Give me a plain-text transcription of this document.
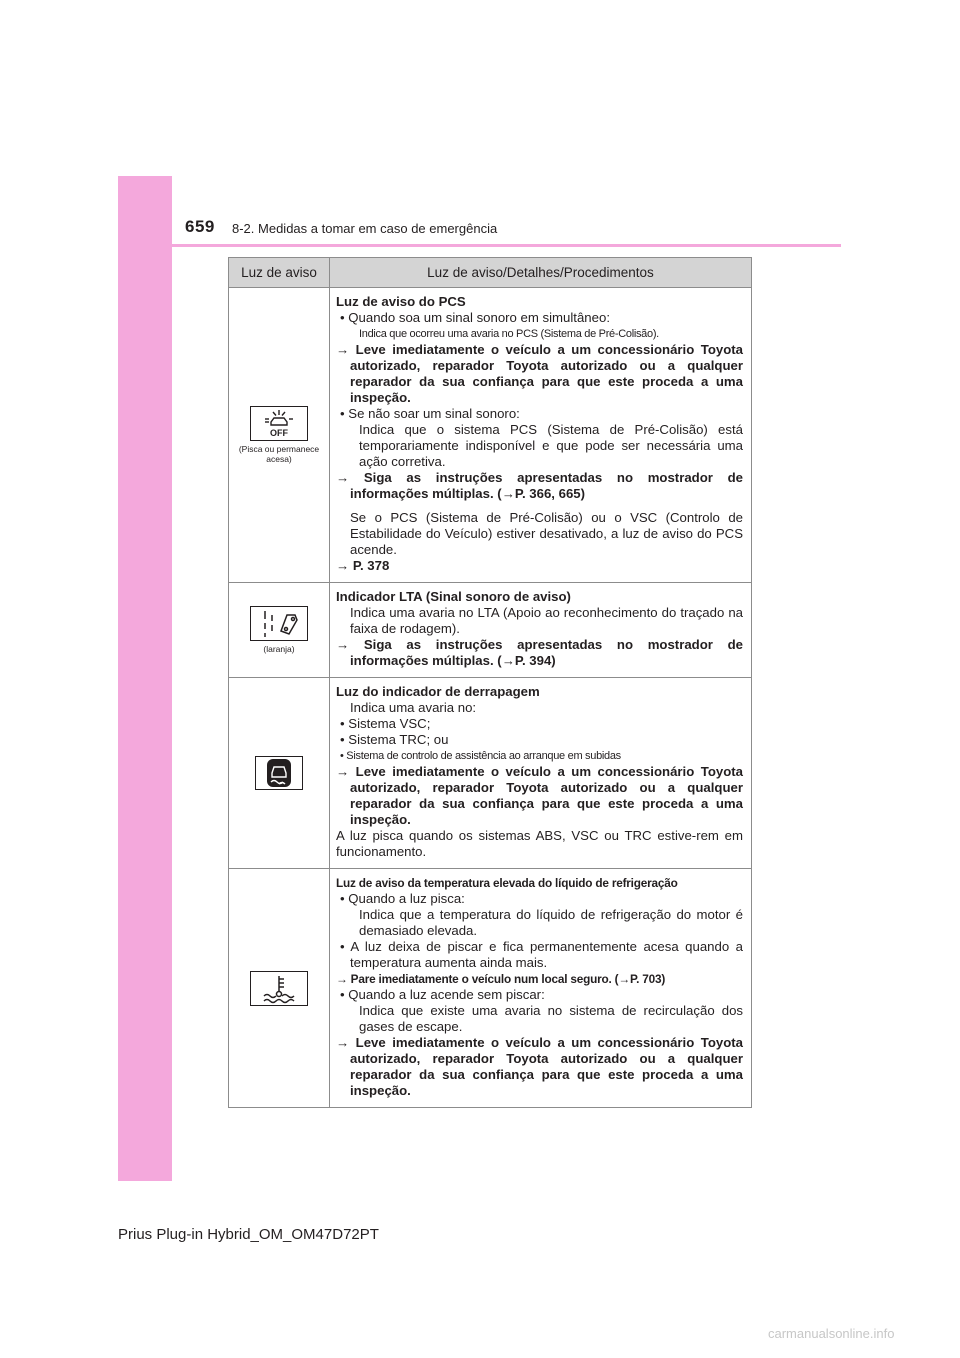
659 8-2. Medidas a tomar em caso de emergência
Luz de aviso	Luz de aviso/Detalhes/Procedimentos
OFF
(Pisca ou permanece acesa)
Luz de aviso do PCS
• Quando soa um sinal sonoro em simultâneo:
Indica que ocorreu uma avaria no PCS (Sistema de Pré-Colisão).
→ Leve imediatamente o veículo a um concessionário Toyota autorizado, reparador Toyota autorizado ou a qualquer reparador da sua confiança para que este proceda a uma inspeção.
• Se não soar um sinal sonoro:
Indica que o sistema PCS (Sistema de Pré-Colisão) está temporariamente indisponível e que pode ser necessária uma ação corretiva.
→ Siga as instruções apresentadas no mostrador de informações múltiplas. (→P. 366, 665)
Se o PCS (Sistema de Pré-Colisão) ou o VSC (Controlo de Estabilidade do Veículo) estiver desativado, a luz de aviso do PCS acende.
→ P. 378
(laranja)
Indicador LTA (Sinal sonoro de aviso)
Indica uma avaria no LTA (Apoio ao reconhecimento do traçado na faixa de rodagem).
→ Siga as instruções apresentadas no mostrador de informações múltiplas. (→P. 394)
Luz do indicador de derrapagem
Indica uma avaria no:
• Sistema VSC;
• Sistema TRC; ou
• Sistema de controlo de assistência ao arranque em subidas
→ Leve imediatamente o veículo a um concessionário Toyota autorizado, reparador Toyota autorizado ou a qualquer reparador da sua confiança para que este proceda a uma inspeção.
A luz pisca quando os sistemas ABS, VSC ou TRC estive-rem em funcionamento.
Luz de aviso da temperatura elevada do líquido de refrigeração
• Quando a luz pisca:
Indica que a temperatura do líquido de refrigeração do motor é demasiado elevada.
• A luz deixa de piscar e fica permanentemente acesa quando a temperatura aumenta ainda mais.
→ Pare imediatamente o veículo num local seguro. (→P. 703)
• Quando a luz acende sem piscar:
Indica que existe uma avaria no sistema de recirculação dos gases de escape.
→ Leve imediatamente o veículo a um concessionário Toyota autorizado, reparador Toyota autorizado ou a qualquer reparador da sua confiança para que este proceda a uma inspeção.
Prius Plug-in Hybrid_OM_OM47D72PT
carmanualsonline.info
